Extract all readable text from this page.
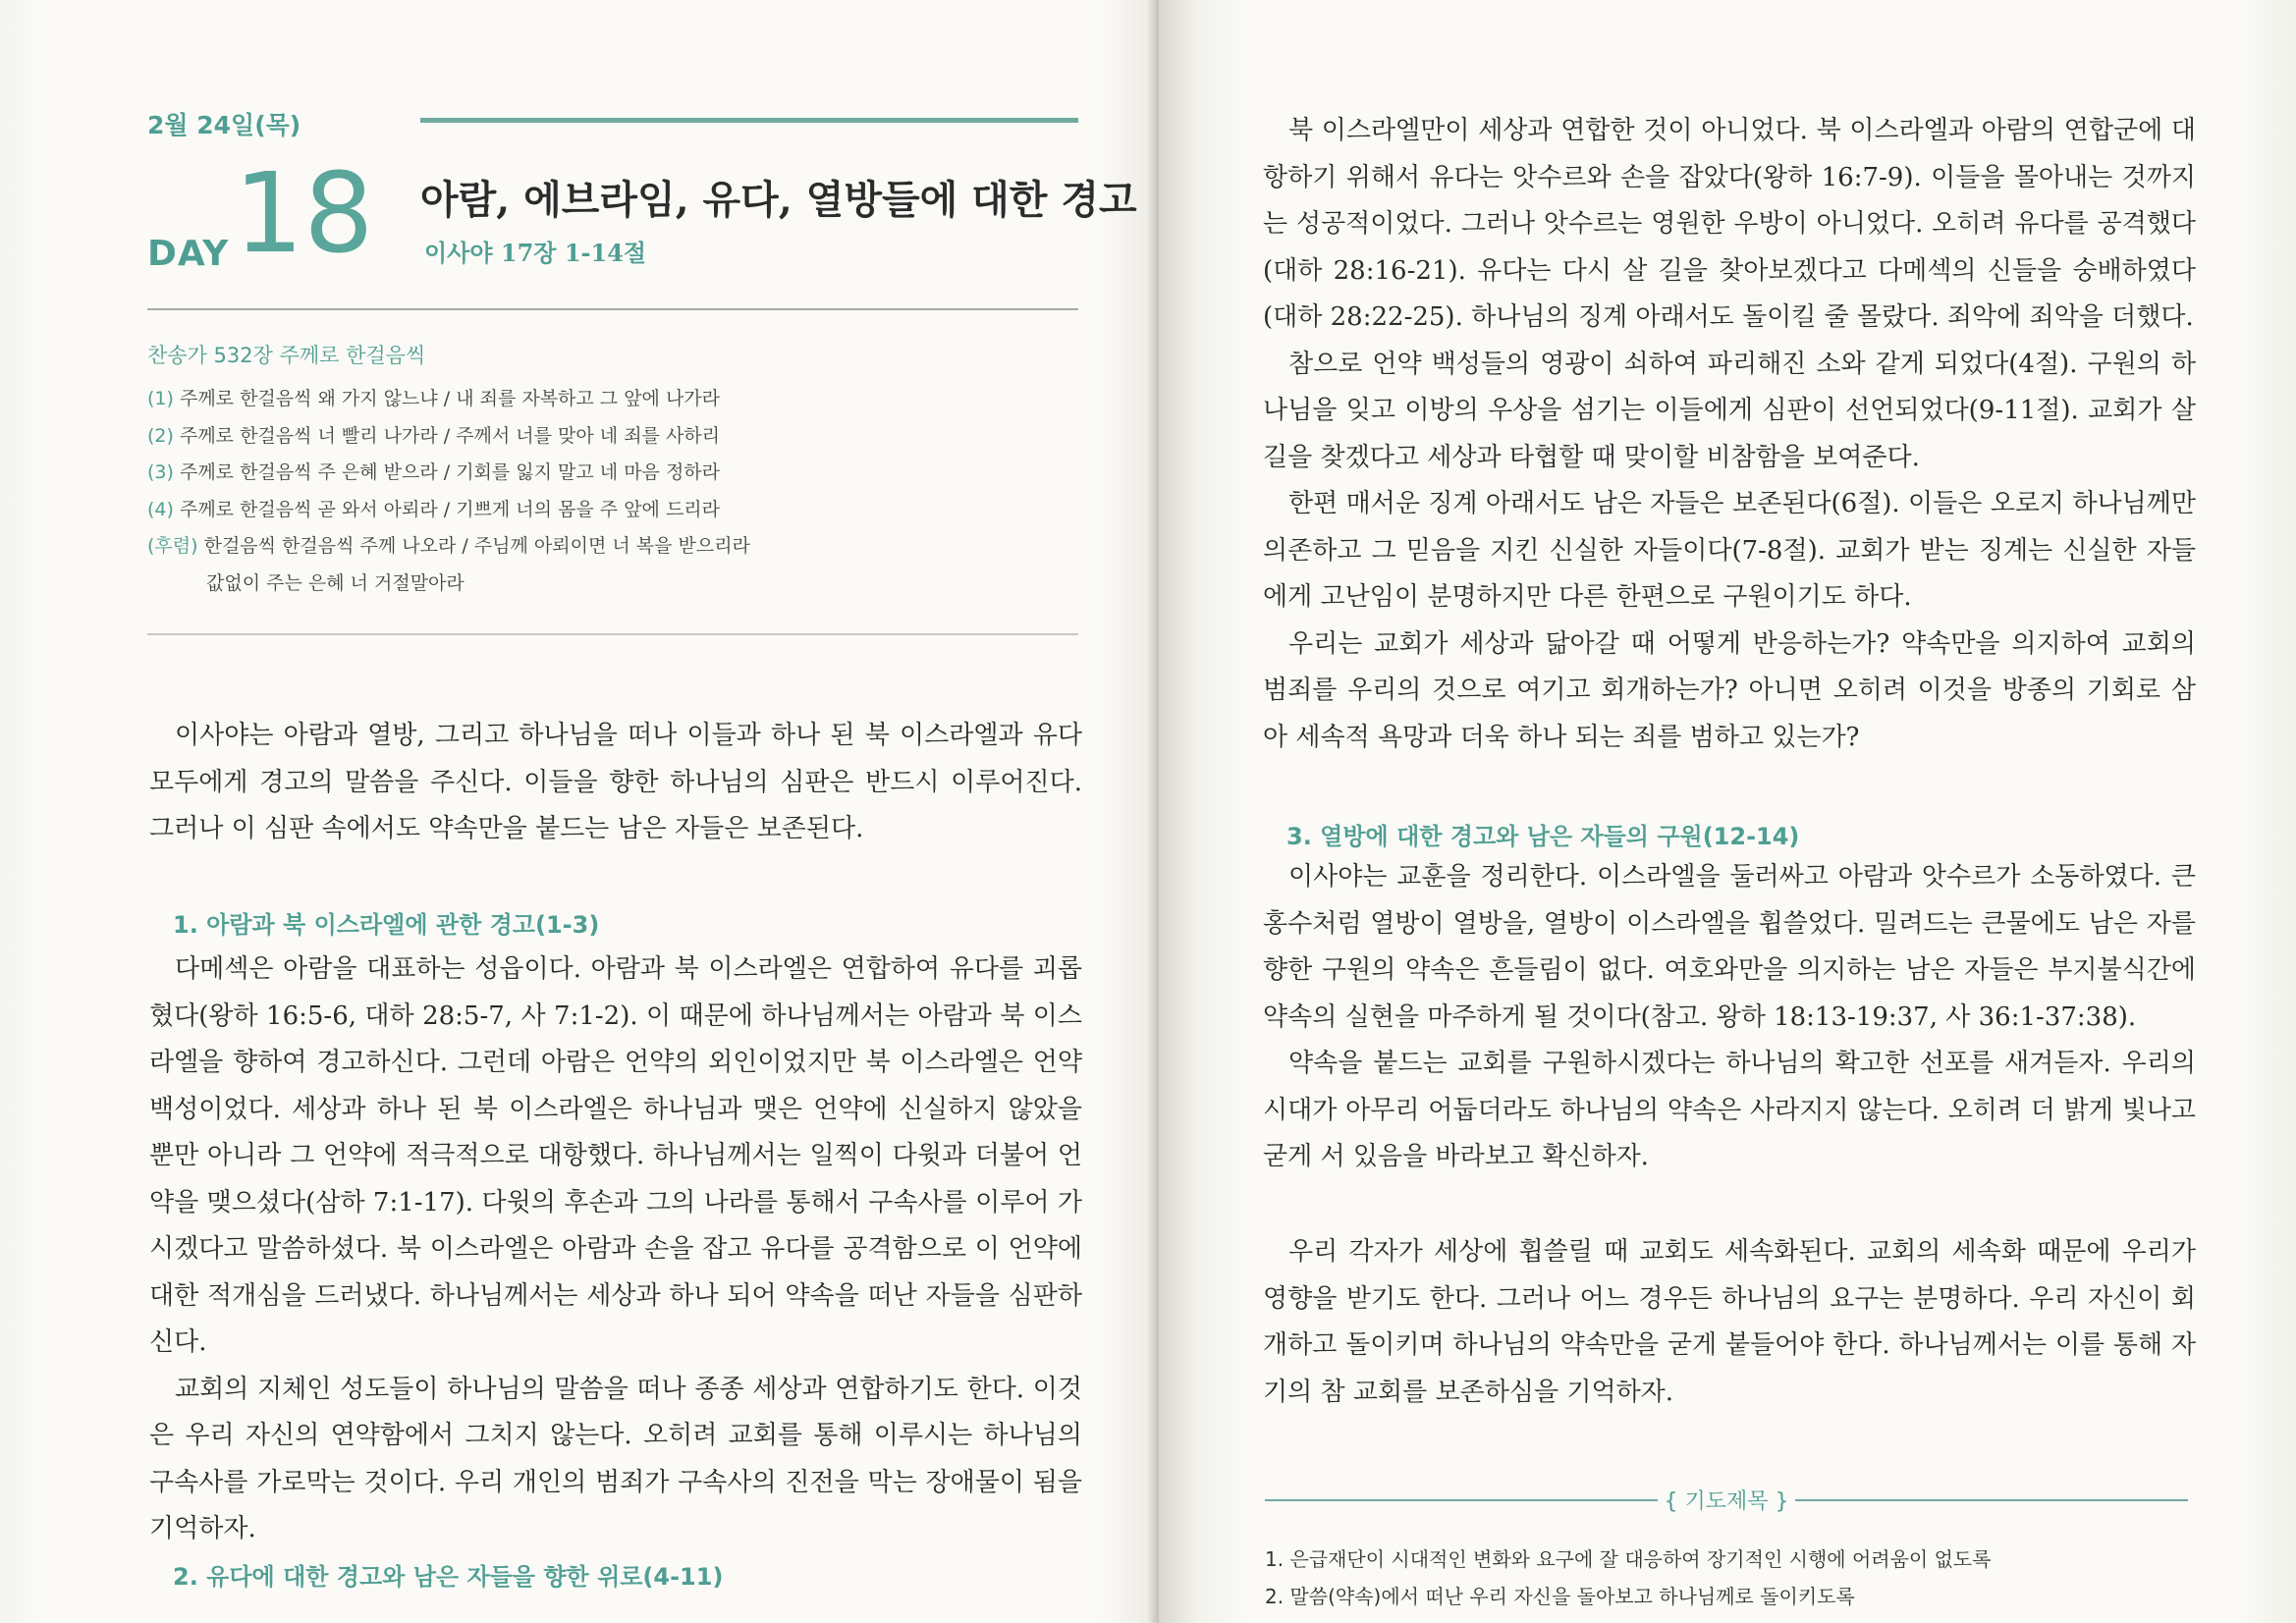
2월 24일(목)
DAY 18 아람, 에브라임, 유다, 열방들에 대한 경고
이사야 17장 1-14절
찬송가 532장 주께로 한걸음씩
(1) 주께로 한걸음씩 왜 가지 않느냐 / 내 죄를 자복하고 그 앞에 나가라
(2) 주께로 한걸음씩 너 빨리 나가라 / 주께서 너를 맞아 네 죄를 사하리
(3) 주께로 한걸음씩 주 은혜 받으라 / 기회를 잃지 말고 네 마음 정하라
(4) 주께로 한걸음씩 곧 와서 아뢰라 / 기쁘게 너의 몸을 주 앞에 드리라
(후렴) 한걸음씩 한걸음씩 주께 나오라 / 주님께 아뢰이면 너 복을 받으리라
값없이 주는 은혜 너 거절말아라

이사야는 아람과 열방, 그리고 하나님을 떠나 이들과 하나 된 북 이스라엘과 유다 모두에게 경고의 말씀을 주신다. 이들을 향한 하나님의 심판은 반드시 이루어진다. 그러나 이 심판 속에서도 약속만을 붙드는 남은 자들은 보존된다.

1. 아람과 북 이스라엘에 관한 경고(1-3)

다메섹은 아람을 대표하는 성읍이다. 아람과 북 이스라엘은 연합하여 유다를 괴롭혔다(왕하 16:5-6, 대하 28:5-7, 사 7:1-2). 이 때문에 하나님께서는 아람과 북 이스라엘을 향하여 경고하신다. 그런데 아람은 언약의 외인이었지만 북 이스라엘은 언약백성이었다. 세상과 하나 된 북 이스라엘은 하나님과 맺은 언약에 신실하지 않았을 뿐만 아니라 그 언약에 적극적으로 대항했다. 하나님께서는 일찍이 다윗과 더불어 언약을 맺으셨다(삼하 7:1-17). 다윗의 후손과 그의 나라를 통해서 구속사를 이루어 가시겠다고 말씀하셨다. 북 이스라엘은 아람과 손을 잡고 유다를 공격함으로 이 언약에 대한 적개심을 드러냈다. 하나님께서는 세상과 하나 되어 약속을 떠난 자들을 심판하신다.

교회의 지체인 성도들이 하나님의 말씀을 떠나 종종 세상과 연합하기도 한다. 이것은 우리 자신의 연약함에서 그치지 않는다. 오히려 교회를 통해 이루시는 하나님의 구속사를 가로막는 것이다. 우리 개인의 범죄가 구속사의 진전을 막는 장애물이 됨을 기억하자.

2. 유다에 대한 경고와 남은 자들을 향한 위로(4-11)

북 이스라엘만이 세상과 연합한 것이 아니었다. 북 이스라엘과 아람의 연합군에 대항하기 위해서 유다는 앗수르와 손을 잡았다(왕하 16:7-9). 이들을 몰아내는 것까지는 성공적이었다. 그러나 앗수르는 영원한 우방이 아니었다. 오히려 유다를 공격했다(대하 28:16-21). 유다는 다시 살 길을 찾아보겠다고 다메섹의 신들을 숭배하였다(대하 28:22-25). 하나님의 징계 아래서도 돌이킬 줄 몰랐다. 죄악에 죄악을 더했다.

참으로 언약 백성들의 영광이 쇠하여 파리해진 소와 같게 되었다(4절). 구원의 하나님을 잊고 이방의 우상을 섬기는 이들에게 심판이 선언되었다(9-11절). 교회가 살 길을 찾겠다고 세상과 타협할 때 맞이할 비참함을 보여준다.

한편 매서운 징계 아래서도 남은 자들은 보존된다(6절). 이들은 오로지 하나님께만 의존하고 그 믿음을 지킨 신실한 자들이다(7-8절). 교회가 받는 징계는 신실한 자들에게 고난임이 분명하지만 다른 한편으로 구원이기도 하다.

우리는 교회가 세상과 닮아갈 때 어떻게 반응하는가? 약속만을 의지하여 교회의 범죄를 우리의 것으로 여기고 회개하는가? 아니면 오히려 이것을 방종의 기회로 삼아 세속적 욕망과 더욱 하나 되는 죄를 범하고 있는가?

3. 열방에 대한 경고와 남은 자들의 구원(12-14)

이사야는 교훈을 정리한다. 이스라엘을 둘러싸고 아람과 앗수르가 소동하였다. 큰 홍수처럼 열방이 열방을, 열방이 이스라엘을 휩쓸었다. 밀려드는 큰물에도 남은 자를 향한 구원의 약속은 흔들림이 없다. 여호와만을 의지하는 남은 자들은 부지불식간에 약속의 실현을 마주하게 될 것이다(참고. 왕하 18:13-19:37, 사 36:1-37:38).

약속을 붙드는 교회를 구원하시겠다는 하나님의 확고한 선포를 새겨듣자. 우리의 시대가 아무리 어둡더라도 하나님의 약속은 사라지지 않는다. 오히려 더 밝게 빛나고 굳게 서 있음을 바라보고 확신하자.

우리 각자가 세상에 휩쓸릴 때 교회도 세속화된다. 교회의 세속화 때문에 우리가 영향을 받기도 한다. 그러나 어느 경우든 하나님의 요구는 분명하다. 우리 자신이 회개하고 돌이키며 하나님의 약속만을 굳게 붙들어야 한다. 하나님께서는 이를 통해 자기의 참 교회를 보존하심을 기억하자.

{ 기도제목 }
1. 은급재단이 시대적인 변화와 요구에 잘 대응하여 장기적인 시행에 어려움이 없도록
2. 말씀(약속)에서 떠난 우리 자신을 돌아보고 하나님께로 돌이키도록
